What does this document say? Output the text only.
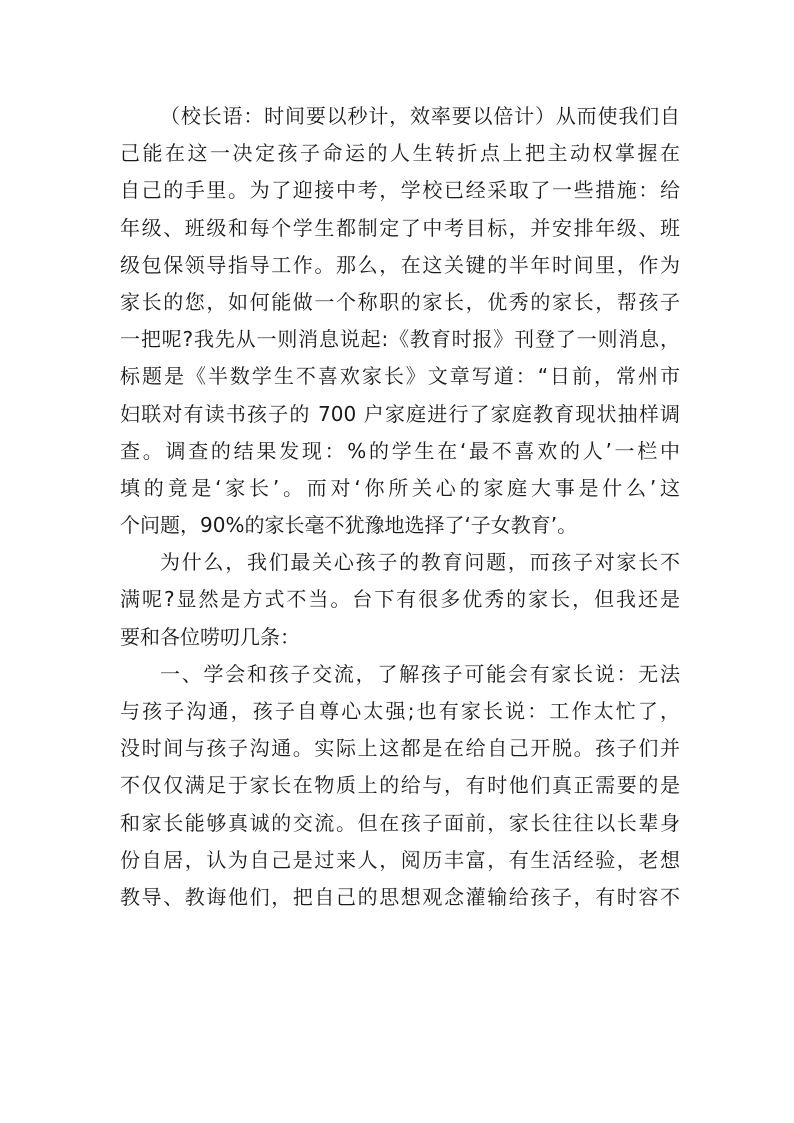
（校长语：时间要以秒计，效率要以倍计）从而使我们自
己能在这一决定孩子命运的人生转折点上把主动权掌握在
自己的手里。为了迎接中考，学校已经采取了一些措施：给
年级、班级和每个学生都制定了中考目标，并安排年级、班
级包保领导指导工作。那么，在这关键的半年时间里，作为
家长的您，如何能做一个称职的家长，优秀的家长，帮孩子
一把呢?我先从一则消息说起:《教育时报》刊登了一则消息，
标题是《半数学生不喜欢家长》文章写道：“日前，常州市
妇联对有读书孩子的 700 户家庭进行了家庭教育现状抽样调
查。调查的结果发现：%的学生在‘最不喜欢的人’一栏中
填的竟是‘家长’。而对‘你所关心的家庭大事是什么’这
个问题，90%的家长毫不犹豫地选择了‘子女教育’。
为什么，我们最关心孩子的教育问题，而孩子对家长不
满呢?显然是方式不当。台下有很多优秀的家长，但我还是
要和各位唠叨几条：
一、学会和孩子交流，了解孩子可能会有家长说：无法
与孩子沟通，孩子自尊心太强;也有家长说：工作太忙了，
没时间与孩子沟通。实际上这都是在给自己开脱。孩子们并
不仅仅满足于家长在物质上的给与，有时他们真正需要的是
和家长能够真诚的交流。但在孩子面前，家长往往以长辈身
份自居，认为自己是过来人，阅历丰富，有生活经验，老想
教导、教诲他们，把自己的思想观念灌输给孩子，有时容不
